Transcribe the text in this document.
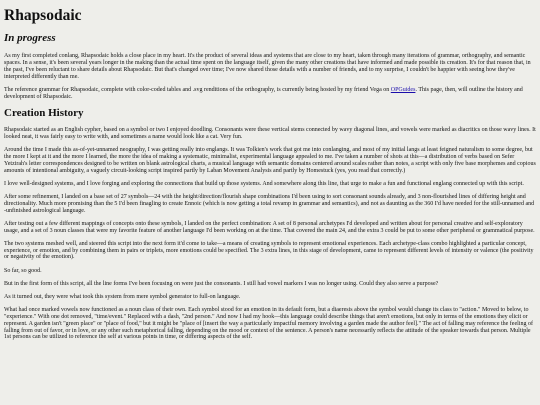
Rhapsodaic
In progress

As my first completed conlang, Rhapsodaic holds a close place in my heart. It's the product of several ideas and systems that are close to my heart, taken through many iterations of grammar, orthography, and semantic spaces. In a sense, it's been several years longer in the making than the actual time spent on the language itself, given the many other creations that have informed and made possible its creation. It's for that reason that, in the past, I've been reluctant to share details about Rhapsodaic. But that's changed over time; I've now shared those details with a number of friends, and to my surprise, I couldn't be happier with seeing how they've interpreted differently than me.

The reference grammar for Rhapsodaic, complete with color-coded tables and .svg renditions of the orthography, is currently being hosted by my friend Vega on OPGuides. This page, then, will outline the history and development of Rhapsodaic.

Creation History

Rhapsodaic started as an English cypher, based on a symbol or two I enjoyed doodling. Consonants were these vertical stems connected by wavy diagonal lines, and vowels were marked as diacritics on those wavy lines. It looked neat, it was fairly easy to write with, and sometimes a name would look like a cat. Very fun.

Around the time I made this as-of-yet-unnamed neography, I was getting really into englangs. It was Tolkien's work that got me into conlanging, and most of my initial langs at least feigned naturalism to some degree, but the more I kept at it and the more I learned, the more the idea of making a systematic, minimalist, experimental language appealed to me. I've taken a number of shots at this—a distribution of verbs based on Sefer Yetzirah's letter correspondences designed to be written on blank astrological charts, a musical language with semantic domains centered around scales rather than notes, a script with only five base morphemes and copious amounts of intentional ambiguity, a vaguely circuit-looking script inspired partly by Laban Movement Analysis and partly by Homestuck (yes, you read that correctly.)

I love well-designed systems, and I love forging and exploring the connections that build up those systems. And somewhere along this line, that urge to make a fun and functional englang connected up with this script.

After some refinement, I landed on a base set of 27 symbols—24 with the height/direction/flourish shape combinations I'd been using to sort consonant sounds already, and 3 non-flourished lines of differing height and directionality. Much more promising than the 5 I'd been finagling to create Ennoic (which is now getting a total revamp in grammar and semantics), and not as daunting as the 360 I'd have needed for the still-unnamed and -unfinished astrological language.

After testing out a few different mappings of concepts onto these symbols, I landed on the perfect combination: A set of 8 personal archetypes I'd developed and written about for personal creative and self-exploratory usage, and a set of 3 noun classes that were my favorite feature of another language I'd been working on at the time. That covered the main 24, and the extra 3 could be put to some other peripheral or grammatical purpose.

The two systems meshed well, and steered this script into the next form it'd come to take—a means of creating symbols to represent emotional experiences. Each archetype-class combo highlighted a particular concept, experience, or emotion, and by combining them in pairs or triplets, more emotions could be specified. The 3 extra lines, in this stage of development, came to represent different levels of intensity or valence (the positivity or negativity of the emotion).

So far, so good.

But in the first form of this script, all the line forms I've been focusing on were just the consonants. I still had vowel markers I was no longer using. Could they also serve a purpose?

As it turned out, they were what took this system from mere symbol generator to full-on language.

What had once marked vowels now functioned as a noun class of their own. Each symbol stood for an emotion in its default form, but a diaeresis above the symbol would change its class to "action." Moved to below, to "experience." With one dot removed, "time/event." Replaced with a dash, "2nd person." And now I had my hook—this language could describe things that aren't emotions, but only in terms of the emotions they elicit or represent. A garden isn't "green place" or "place of food," but it might be "place of [insert the way a particularly impactful memory involving a garden made the author feel]." The act of falling may reference the feeling of falling from out of favor, or in love, or any other such metaphorical falling, depending on the mood or context of the sentence. A person's name necessarily reflects the attitude of the speaker towards that person. Multiple 1st persons can be utilized to reference the self at various points in time, or differing aspects of the self.
